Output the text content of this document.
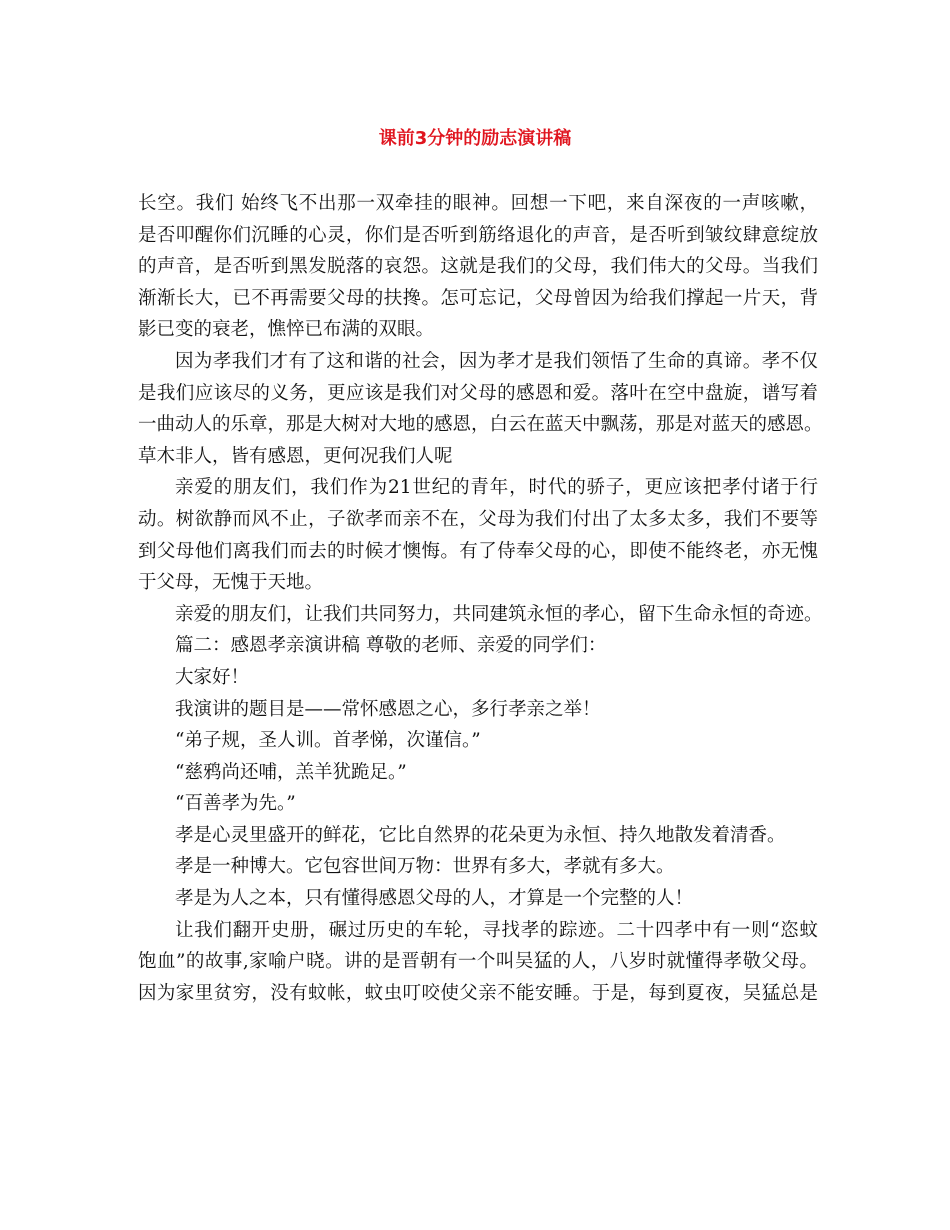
课前3分钟的励志演讲稿
长空。我们 始终飞不出那一双牵挂的眼神。回想一下吧，来自深夜的一声咳嗽，
是否叩醒你们沉睡的心灵，你们是否听到筋络退化的声音，是否听到皱纹肆意绽放
的声音，是否听到黑发脱落的哀怨。这就是我们的父母，我们伟大的父母。当我们
渐渐长大，已不再需要父母的扶搀。怎可忘记，父母曾因为给我们撑起一片天，背
影已变的衰老，憔悴已布满的双眼。
因为孝我们才有了这和谐的社会，因为孝才是我们领悟了生命的真谛。孝不仅
是我们应该尽的义务，更应该是我们对父母的感恩和爱。落叶在空中盘旋，谱写着
一曲动人的乐章，那是大树对大地的感恩，白云在蓝天中飘荡，那是对蓝天的感恩。
草木非人，皆有感恩，更何况我们人呢
亲爱的朋友们，我们作为21世纪的青年，时代的骄子，更应该把孝付诸于行
动。树欲静而风不止，子欲孝而亲不在，父母为我们付出了太多太多，我们不要等
到父母他们离我们而去的时候才懊悔。有了侍奉父母的心，即使不能终老，亦无愧
于父母，无愧于天地。
亲爱的朋友们，让我们共同努力，共同建筑永恒的孝心，留下生命永恒的奇迹。
篇二：感恩孝亲演讲稿 尊敬的老师、亲爱的同学们：
大家好！
我演讲的题目是——常怀感恩之心，多行孝亲之举！
“弟子规，圣人训。首孝悌，次谨信。”
“慈鸦尚还哺，羔羊犹跪足。”
“百善孝为先。”
孝是心灵里盛开的鲜花，它比自然界的花朵更为永恒、持久地散发着清香。
孝是一种博大。它包容世间万物：世界有多大，孝就有多大。
孝是为人之本，只有懂得感恩父母的人，才算是一个完整的人！
让我们翻开史册，碾过历史的车轮，寻找孝的踪迹。二十四孝中有一则“恣蚊
饱血”的故事,家喻户晓。讲的是晋朝有一个叫吴猛的人，八岁时就懂得孝敬父母。
因为家里贫穷，没有蚊帐，蚊虫叮咬使父亲不能安睡。于是，每到夏夜，吴猛总是
